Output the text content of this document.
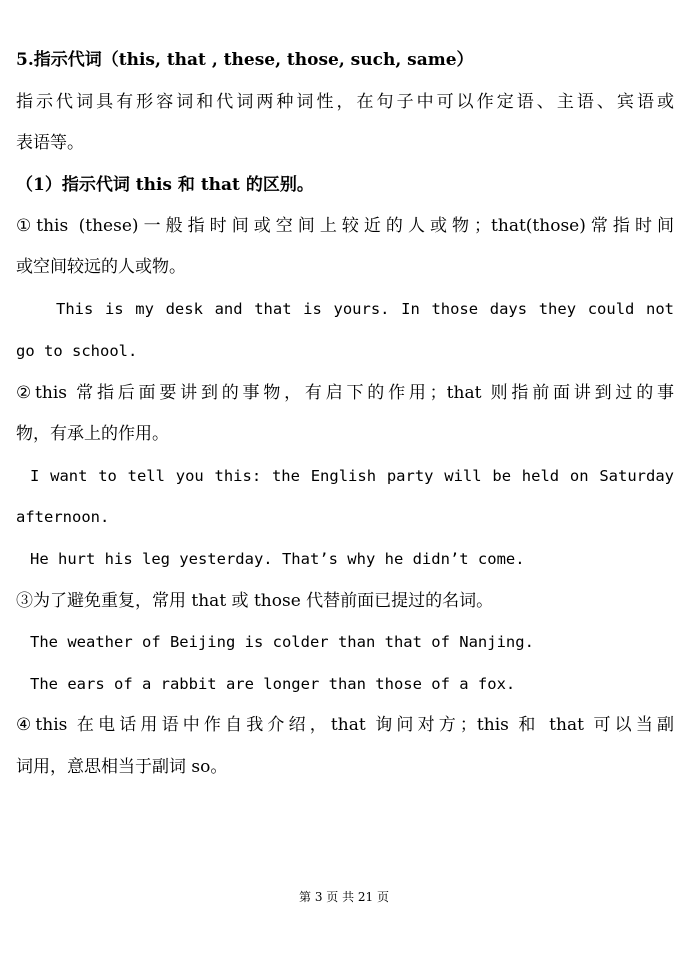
5.指示代词（this, that , these, those, such, same）
指示代词具有形容词和代词两种词性，在句子中可以作定语、主语、宾语或
表语等。
（1）指示代词 this 和 that 的区别。
①this (these)一般指时间或空间上较近的人或物；that(those)常指时间
或空间较远的人或物。
This is my desk and that is yours. In those days they could not
go to school.
②this 常指后面要讲到的事物，有启下的作用；that 则指前面讲到过的事
物，有承上的作用。
I want to tell you this: the English party will be held on Saturday
afternoon.
He hurt his leg yesterday. That’s why he didn’t come.
③为了避免重复，常用 that 或 those 代替前面已提过的名词。
The weather of Beijing is colder than that of Nanjing.
The ears of a rabbit are longer than those of a fox.
④this 在电话用语中作自我介绍，that 询问对方；this 和 that 可以当副
词用，意思相当于副词 so。
第 3 页 共 21 页
